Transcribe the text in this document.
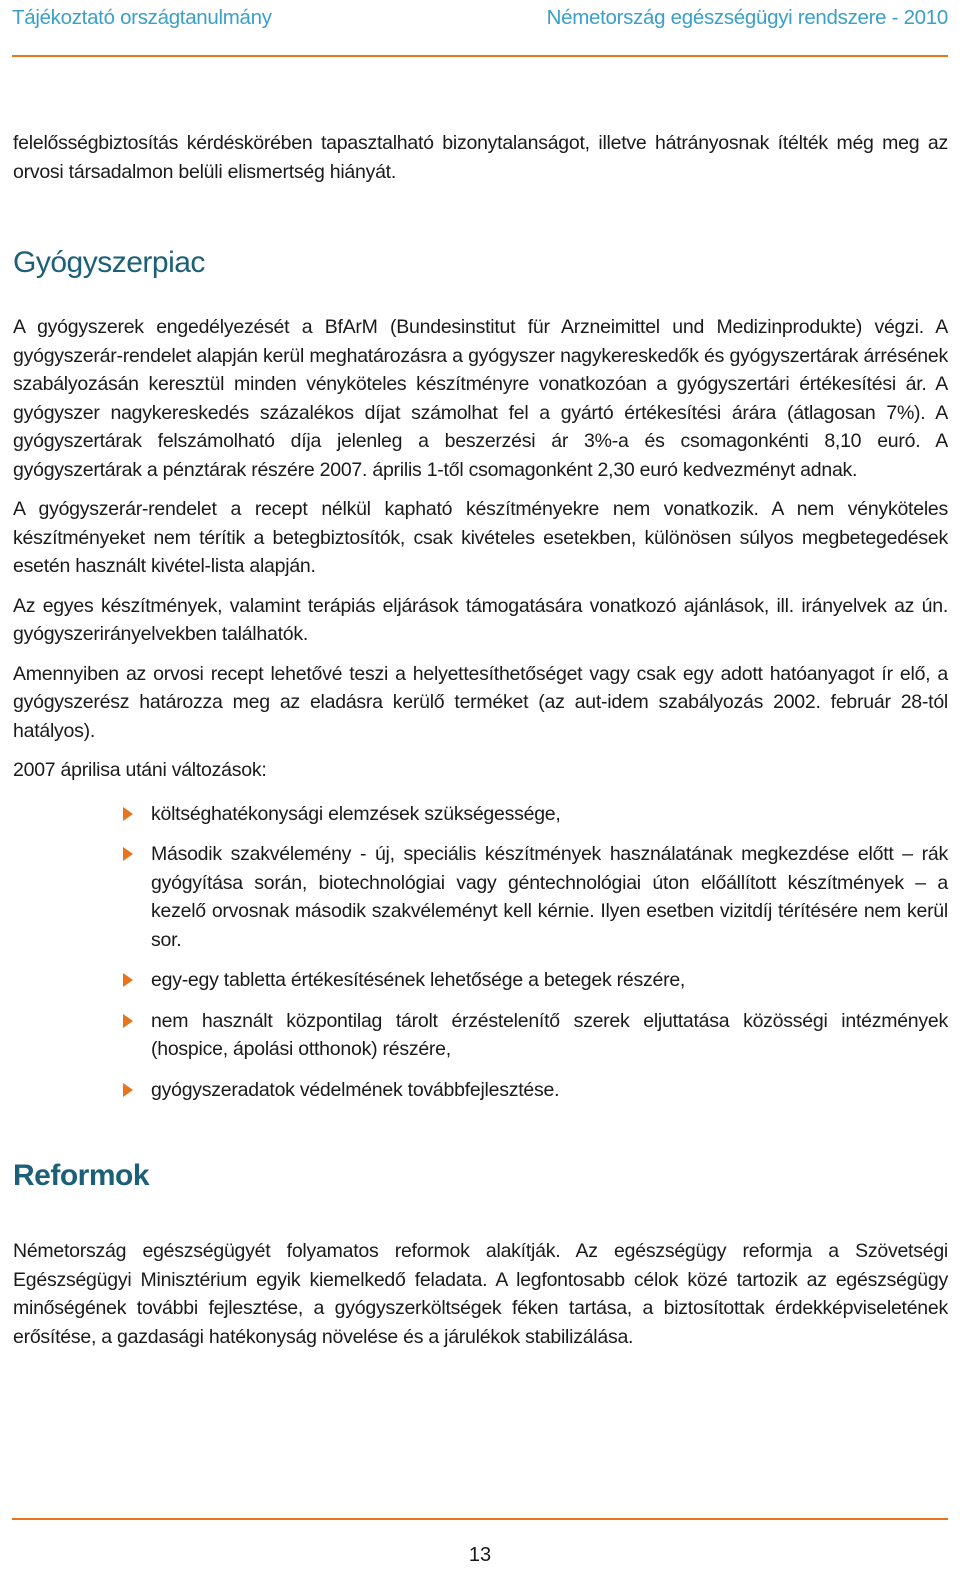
Tájékoztató országtanulmány	Németország egészségügyi rendszere - 2010

felelősségbiztosítás kérdéskörében tapasztalható bizonytalanságot, illetve hátrányosnak ítélték még meg az orvosi társadalmon belüli elismertség hiányát.

Gyógyszerpiac

A gyógyszerek engedélyezését a BfArM (Bundesinstitut für Arzneimittel und Medizinprodukte) végzi. A gyógyszerár-rendelet alapján kerül meghatározásra a gyógyszer nagykereskedők és gyógyszertárak árrésének szabályozásán keresztül minden vényköteles készítményre vonatkozóan a gyógyszertári értékesítési ár. A gyógyszer nagykereskedés százalékos díjat számolhat fel a gyártó értékesítési árára (átlagosan 7%). A gyógyszertárak felszámolható díja jelenleg a beszerzési ár 3%-a és csomagonkénti 8,10 euró. A gyógyszertárak a pénztárak részére 2007. április 1-től csomagonként 2,30 euró kedvezményt adnak.

A gyógyszerár-rendelet a recept nélkül kapható készítményekre nem vonatkozik. A nem vényköteles készítményeket nem térítik a betegbiztosítók, csak kivételes esetekben, különösen súlyos megbetegedések esetén használt kivétel-lista alapján.

Az egyes készítmények, valamint terápiás eljárások támogatására vonatkozó ajánlások, ill. irányelvek az ún. gyógyszerirányelvekben találhatók.

Amennyiben az orvosi recept lehetővé teszi a helyettesíthetőséget vagy csak egy adott hatóanyagot ír elő, a gyógyszerész határozza meg az eladásra kerülő terméket (az aut-idem szabályozás 2002. február 28-tól hatályos).

2007 áprilisa utáni változások:

költséghatékonysági elemzések szükségessége,
Második szakvélemény - új, speciális készítmények használatának megkezdése előtt – rák gyógyítása során, biotechnológiai vagy géntechnológiai úton előállított készítmények – a kezelő orvosnak második szakvéleményt kell kérnie. Ilyen esetben vizitdíj térítésére nem kerül sor.
egy-egy tabletta értékesítésének lehetősége a betegek részére,
nem használt központilag tárolt érzéstelenítő szerek eljuttatása közösségi intézmények (hospice, ápolási otthonok) részére,
gyógyszeradatok védelmének továbbfejlesztése.
Reformok

Németország egészségügyét folyamatos reformok alakítják. Az egészségügy reformja a Szövetségi Egészségügyi Minisztérium egyik kiemelkedő feladata. A legfontosabb célok közé tartozik az egészségügy minőségének további fejlesztése, a gyógyszerköltségek féken tartása, a biztosítottak érdekképviseletének erősítése, a gazdasági hatékonyság növelése és a járulékok stabilizálása.

13
